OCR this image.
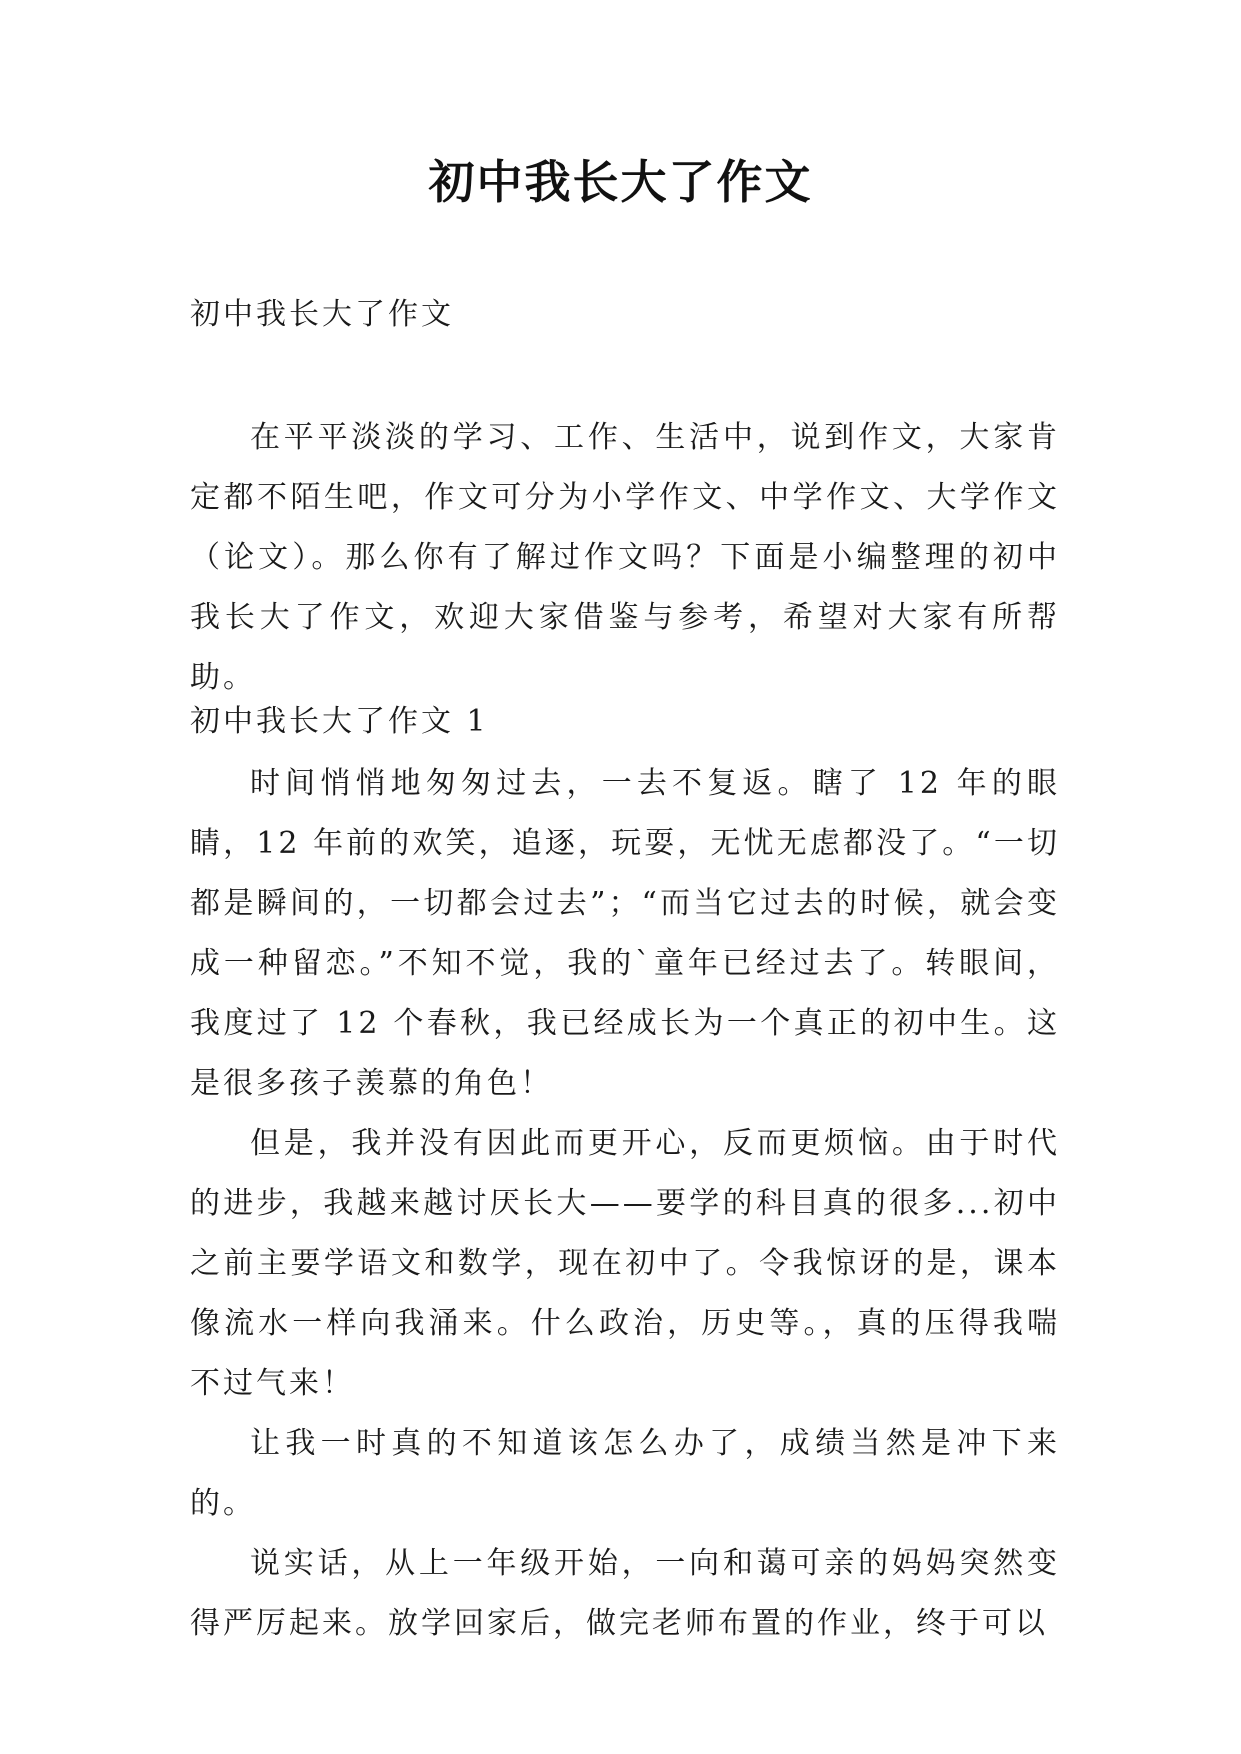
初中我长大了作文

初中我长大了作文

在平平淡淡的学习、工作、生活中，说到作文，大家肯定都不陌生吧，作文可分为小学作文、中学作文、大学作文（论文）。那么你有了解过作文吗？下面是小编整理的初中我长大了作文，欢迎大家借鉴与参考，希望对大家有所帮助。

初中我长大了作文 1

时间悄悄地匆匆过去，一去不复返。瞎了 12 年的眼睛，12 年前的欢笑，追逐，玩耍，无忧无虑都没了。“一切都是瞬间的，一切都会过去”；“而当它过去的时候，就会变成一种留恋。”不知不觉，我的`童年已经过去了。转眼间，我度过了 12 个春秋，我已经成长为一个真正的初中生。这是很多孩子羡慕的角色！

但是，我并没有因此而更开心，反而更烦恼。由于时代的进步，我越来越讨厌长大——要学的科目真的很多...初中之前主要学语文和数学，现在初中了。令我惊讶的是，课本像流水一样向我涌来。什么政治，历史等。，真的压得我喘不过气来！

让我一时真的不知道该怎么办了，成绩当然是冲下来的。

说实话，从上一年级开始，一向和蔼可亲的妈妈突然变得严厉起来。放学回家后，做完老师布置的作业，终于可以
